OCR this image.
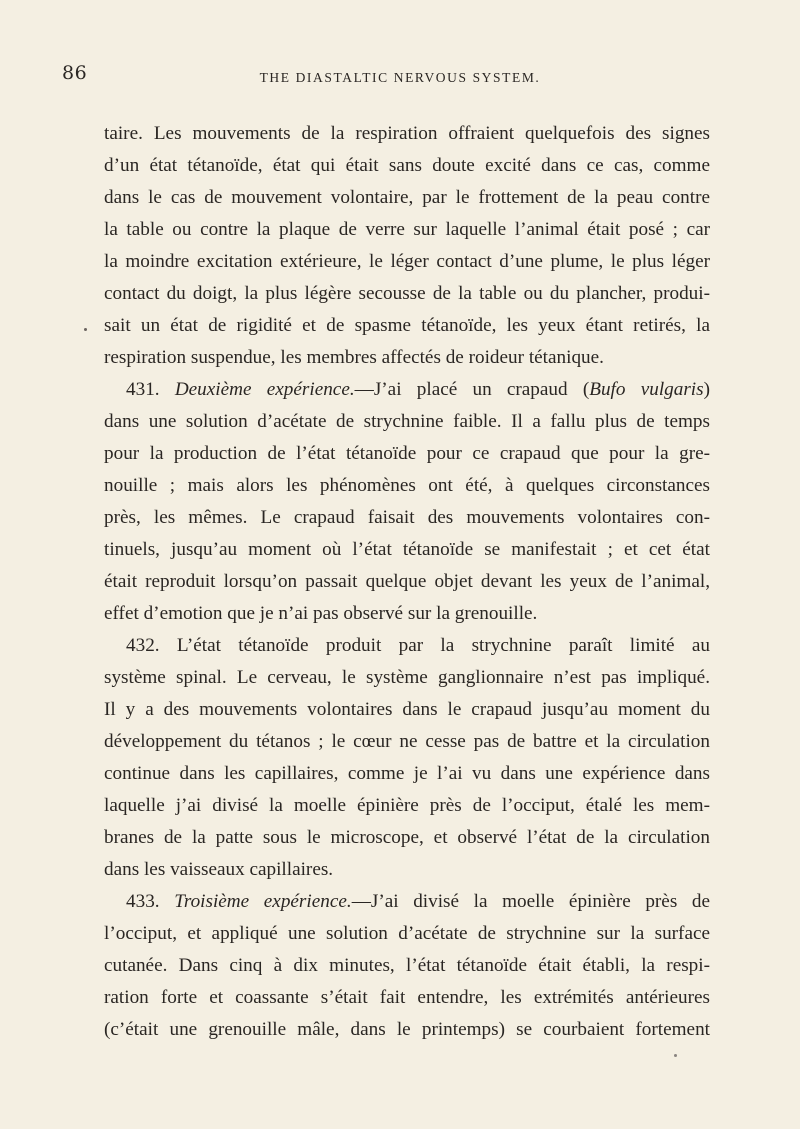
86	THE DIASTALTIC NERVOUS SYSTEM.
taire. Les mouvements de la respiration offraient quelquefois des signes
d’un état tétanoïde, état qui était sans doute excité dans ce cas, comme
dans le cas de mouvement volontaire, par le frottement de la peau contre
la table ou contre la plaque de verre sur laquelle l’animal était posé ; car
la moindre excitation extérieure, le léger contact d’une plume, le plus léger
contact du doigt, la plus légère secousse de la table ou du plancher, produi-
sait un état de rigidité et de spasme tétanoïde, les yeux étant retirés, la
respiration suspendue, les membres affectés de roideur tétanique.
431. Deuxième expérience.—J’ai placé un crapaud (Bufo vulgaris)
dans une solution d’acétate de strychnine faible. Il a fallu plus de temps
pour la production de l’état tétanoïde pour ce crapaud que pour la gre-
nouille ; mais alors les phénomènes ont été, à quelques circonstances
près, les mêmes. Le crapaud faisait des mouvements volontaires con-
tinuels, jusqu’au moment où l’état tétanoïde se manifestait ; et cet état
était reproduit lorsqu’on passait quelque objet devant les yeux de l’animal,
effet d’emotion que je n’ai pas observé sur la grenouille.
432. L’état tétanoïde produit par la strychnine paraît limité au
système spinal. Le cerveau, le système ganglionnaire n’est pas impliqué.
Il y a des mouvements volontaires dans le crapaud jusqu’au moment du
développement du tétanos ; le cœur ne cesse pas de battre et la circulation
continue dans les capillaires, comme je l’ai vu dans une expérience dans
laquelle j’ai divisé la moelle épinière près de l’occiput, étalé les mem-
branes de la patte sous le microscope, et observé l’état de la circulation
dans les vaisseaux capillaires.
433. Troisième expérience.—J’ai divisé la moelle épinière près de
l’occiput, et appliqué une solution d’acétate de strychnine sur la surface
cutanée. Dans cinq à dix minutes, l’état tétanoïde était établi, la respi-
ration forte et coassante s’était fait entendre, les extrémités antérieures
(c’était une grenouille mâle, dans le printemps) se courbaient fortement
